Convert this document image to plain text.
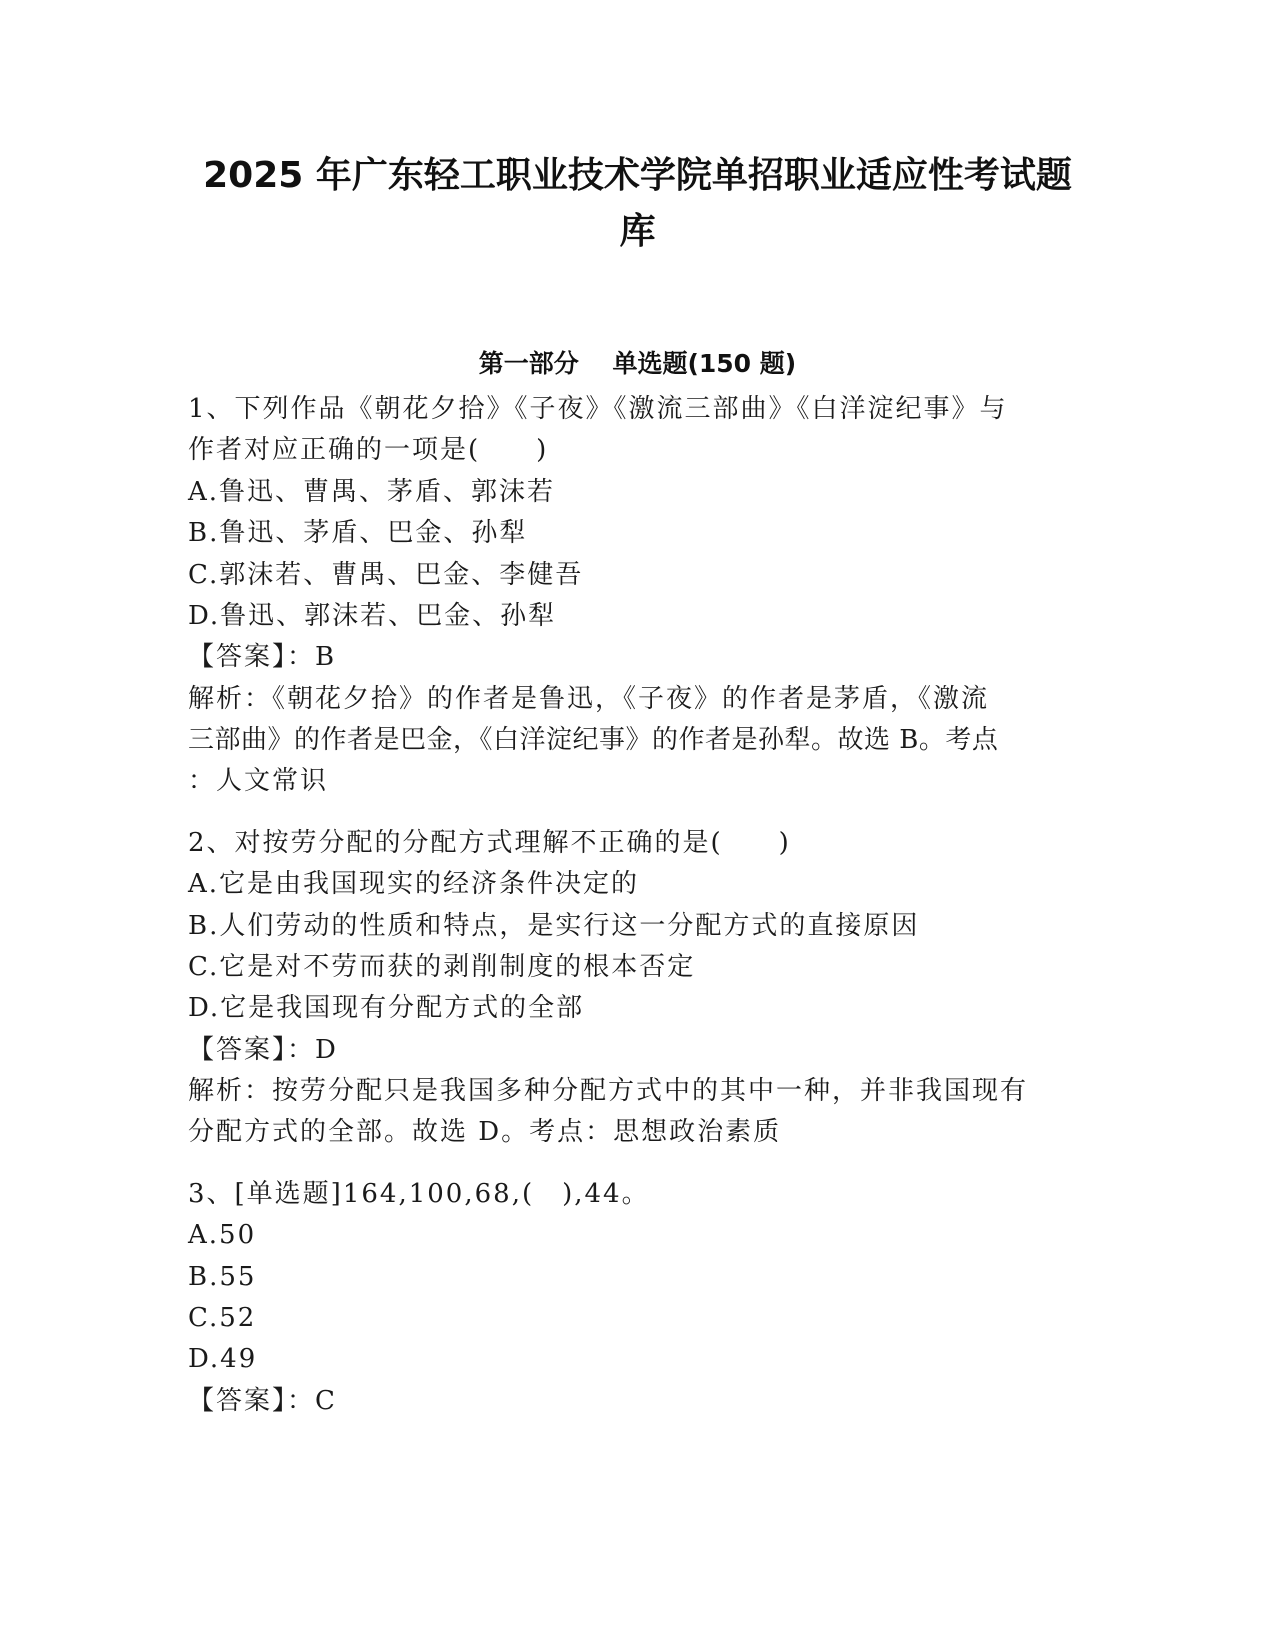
2025 年广东轻工职业技术学院单招职业适应性考试题
库
第一部分　 单选题(150 题)
1、下列作品《朝花夕拾》《子夜》《激流三部曲》《白洋淀纪事》与
作者对应正确的一项是(　　)
A.鲁迅、曹禺、茅盾、郭沫若
B.鲁迅、茅盾、巴金、孙犁
C.郭沫若、曹禺、巴金、李健吾
D.鲁迅、郭沫若、巴金、孙犁
【答案】：B
解析：《朝花夕拾》的作者是鲁迅，《子夜》的作者是茅盾，《激流
三部曲》的作者是巴金，《白洋淀纪事》的作者是孙犁。故选 B。考点
：人文常识
2、对按劳分配的分配方式理解不正确的是(　　)
A.它是由我国现实的经济条件决定的
B.人们劳动的性质和特点，是实行这一分配方式的直接原因
C.它是对不劳而获的剥削制度的根本否定
D.它是我国现有分配方式的全部
【答案】：D
解析：按劳分配只是我国多种分配方式中的其中一种，并非我国现有
分配方式的全部。故选 D。考点：思想政治素质
3、[单选题]164,100,68,(　),44。
A.50
B.55
C.52
D.49
【答案】：C
